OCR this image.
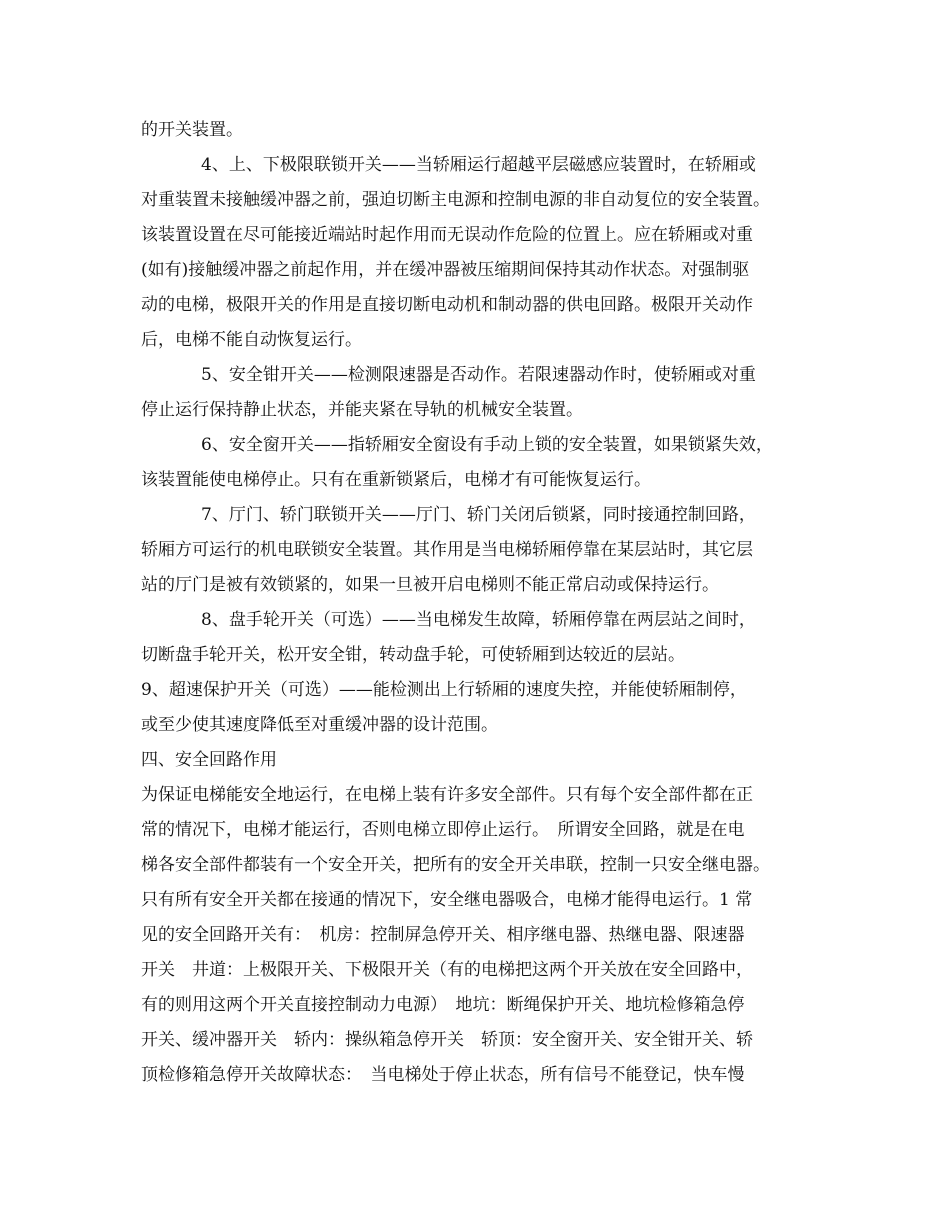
的开关装置。
4、上、下极限联锁开关——当轿厢运行超越平层磁感应装置时，在轿厢或
对重装置未接触缓冲器之前，强迫切断主电源和控制电源的非自动复位的安全装置。
该装置设置在尽可能接近端站时起作用而无误动作危险的位置上。应在轿厢或对重
(如有)接触缓冲器之前起作用，并在缓冲器被压缩期间保持其动作状态。对强制驱
动的电梯，极限开关的作用是直接切断电动机和制动器的供电回路。极限开关动作
后，电梯不能自动恢复运行。
5、安全钳开关——检测限速器是否动作。若限速器动作时，使轿厢或对重
停止运行保持静止状态，并能夹紧在导轨的机械安全装置。
6、安全窗开关——指轿厢安全窗设有手动上锁的安全装置，如果锁紧失效，
该装置能使电梯停止。只有在重新锁紧后，电梯才有可能恢复运行。
7、厅门、轿门联锁开关——厅门、轿门关闭后锁紧，同时接通控制回路，
轿厢方可运行的机电联锁安全装置。其作用是当电梯轿厢停靠在某层站时，其它层
站的厅门是被有效锁紧的，如果一旦被开启电梯则不能正常启动或保持运行。
8、盘手轮开关（可选）——当电梯发生故障，轿厢停靠在两层站之间时，
切断盘手轮开关，松开安全钳，转动盘手轮，可使轿厢到达较近的层站。
9、超速保护开关（可选）——能检测出上行轿厢的速度失控，并能使轿厢制停，
或至少使其速度降低至对重缓冲器的设计范围。
四、安全回路作用
为保证电梯能安全地运行，在电梯上装有许多安全部件。只有每个安全部件都在正
常的情况下，电梯才能运行，否则电梯立即停止运行。　所谓安全回路，就是在电
梯各安全部件都装有一个安全开关，把所有的安全开关串联，控制一只安全继电器。
只有所有安全开关都在接通的情况下，安全继电器吸合，电梯才能得电运行。1 常
见的安全回路开关有：　机房：控制屏急停开关、相序继电器、热继电器、限速器
开关　井道：上极限开关、下极限开关（有的电梯把这两个开关放在安全回路中，
有的则用这两个开关直接控制动力电源）　地坑：断绳保护开关、地坑检修箱急停
开关、缓冲器开关　轿内：操纵箱急停开关　轿顶：安全窗开关、安全钳开关、轿
顶检修箱急停开关故障状态：　当电梯处于停止状态，所有信号不能登记，快车慢
